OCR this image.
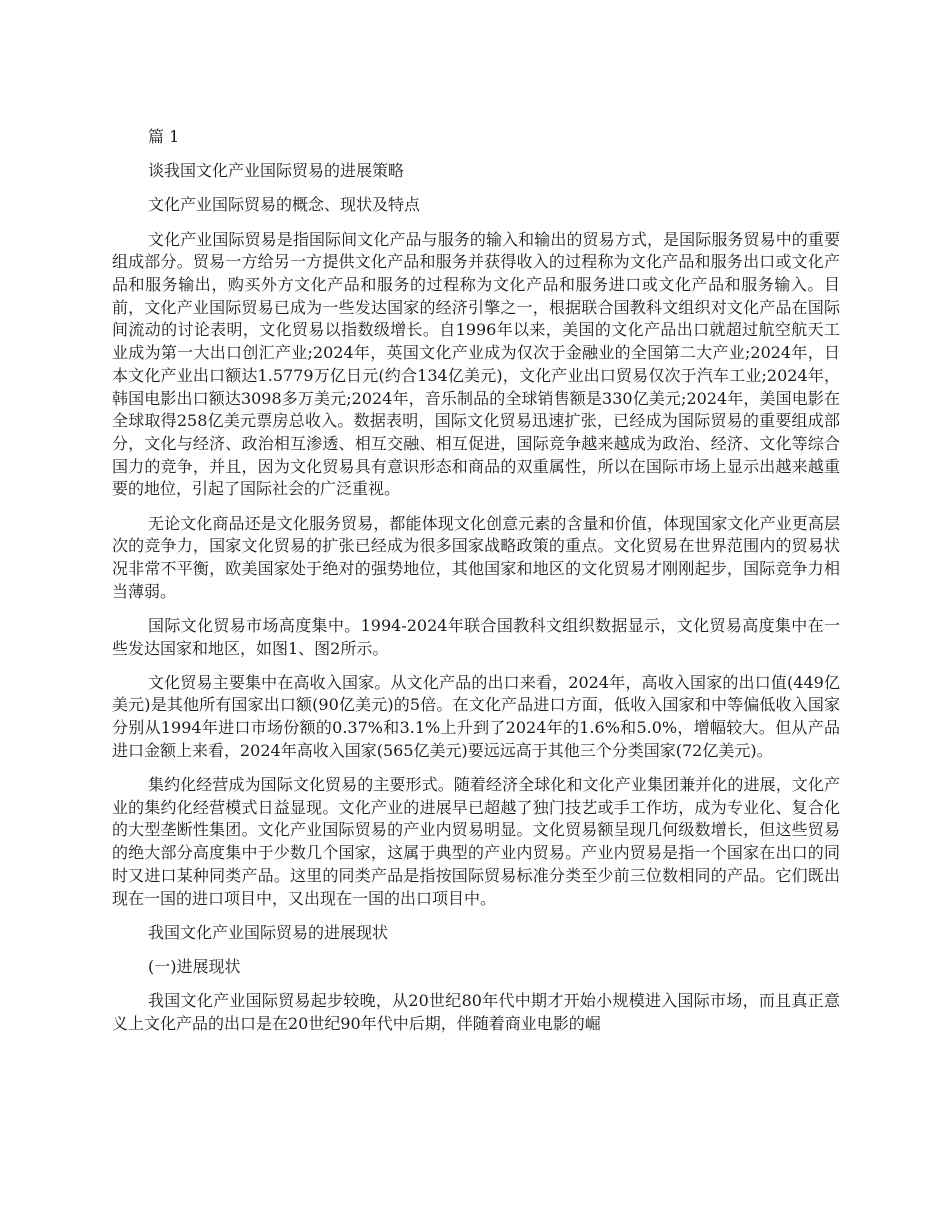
篇 1
谈我国文化产业国际贸易的进展策略
文化产业国际贸易的概念、现状及特点
文化产业国际贸易是指国际间文化产品与服务的输入和输出的贸易方式，是国际服务贸易中的重要组成部分。贸易一方给另一方提供文化产品和服务并获得收入的过程称为文化产品和服务出口或文化产品和服务输出，购买外方文化产品和服务的过程称为文化产品和服务进口或文化产品和服务输入。目前，文化产业国际贸易已成为一些发达国家的经济引擎之一，根据联合国教科文组织对文化产品在国际间流动的讨论表明，文化贸易以指数级增长。自1996年以来，美国的文化产品出口就超过航空航天工业成为第一大出口创汇产业;2024年，英国文化产业成为仅次于金融业的全国第二大产业;2024年，日本文化产业出口额达1.5779万亿日元(约合134亿美元)，文化产业出口贸易仅次于汽车工业;2024年，韩国电影出口额达3098多万美元;2024年，音乐制品的全球销售额是330亿美元;2024年，美国电影在全球取得258亿美元票房总收入。数据表明，国际文化贸易迅速扩张，已经成为国际贸易的重要组成部分，文化与经济、政治相互渗透、相互交融、相互促进，国际竞争越来越成为政治、经济、文化等综合国力的竞争，并且，因为文化贸易具有意识形态和商品的双重属性，所以在国际市场上显示出越来越重要的地位，引起了国际社会的广泛重视。
无论文化商品还是文化服务贸易，都能体现文化创意元素的含量和价值，体现国家文化产业更高层次的竞争力，国家文化贸易的扩张已经成为很多国家战略政策的重点。文化贸易在世界范围内的贸易状况非常不平衡，欧美国家处于绝对的强势地位，其他国家和地区的文化贸易才刚刚起步，国际竞争力相当薄弱。
国际文化贸易市场高度集中。1994-2024年联合国教科文组织数据显示，文化贸易高度集中在一些发达国家和地区，如图1、图2所示。
文化贸易主要集中在高收入国家。从文化产品的出口来看，2024年，高收入国家的出口值(449亿美元)是其他所有国家出口额(90亿美元)的5倍。在文化产品进口方面，低收入国家和中等偏低收入国家分别从1994年进口市场份额的0.37%和3.1%上升到了2024年的1.6%和5.0%，增幅较大。但从产品进口金额上来看，2024年高收入国家(565亿美元)要远远高于其他三个分类国家(72亿美元)。
集约化经营成为国际文化贸易的主要形式。随着经济全球化和文化产业集团兼并化的进展，文化产业的集约化经营模式日益显现。文化产业的进展早已超越了独门技艺或手工作坊，成为专业化、复合化的大型垄断性集团。文化产业国际贸易的产业内贸易明显。文化贸易额呈现几何级数增长，但这些贸易的绝大部分高度集中于少数几个国家，这属于典型的产业内贸易。产业内贸易是指一个国家在出口的同时又进口某种同类产品。这里的同类产品是指按国际贸易标准分类至少前三位数相同的产品。它们既出现在一国的进口项目中，又出现在一国的出口项目中。
我国文化产业国际贸易的进展现状
(一)进展现状
我国文化产业国际贸易起步较晚，从20世纪80年代中期才开始小规模进入国际市场，而且真正意义上文化产品的出口是在20世纪90年代中后期，伴随着商业电影的崛
